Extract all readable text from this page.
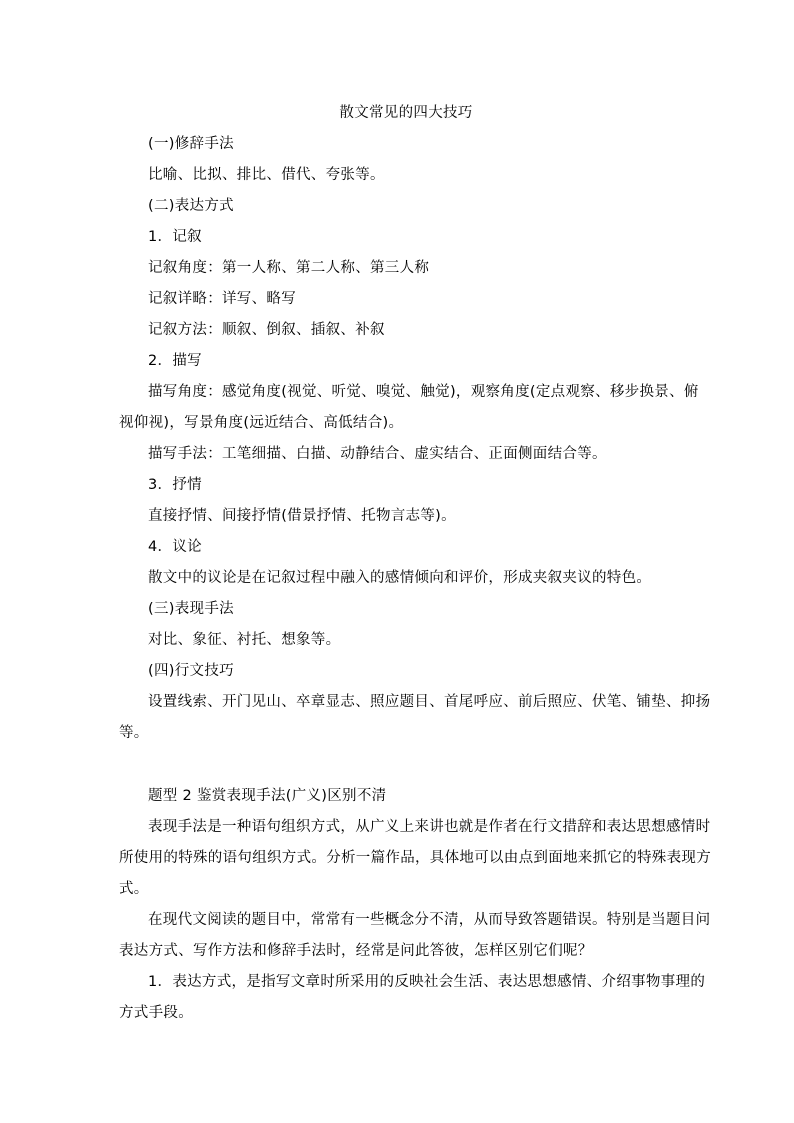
散文常见的四大技巧
(一)修辞手法
比喻、比拟、排比、借代、夸张等。
(二)表达方式
1．记叙
记叙角度：第一人称、第二人称、第三人称
记叙详略：详写、略写
记叙方法：顺叙、倒叙、插叙、补叙
2．描写
描写角度：感觉角度(视觉、听觉、嗅觉、触觉)，观察角度(定点观察、移步换景、俯
视仰视)，写景角度(远近结合、高低结合)。
描写手法：工笔细描、白描、动静结合、虚实结合、正面侧面结合等。
3．抒情
直接抒情、间接抒情(借景抒情、托物言志等)。
4．议论
散文中的议论是在记叙过程中融入的感情倾向和评价，形成夹叙夹议的特色。
(三)表现手法
对比、象征、衬托、想象等。
(四)行文技巧
设置线索、开门见山、卒章显志、照应题目、首尾呼应、前后照应、伏笔、铺垫、抑扬
等。
题型 2 鉴赏表现手法(广义)区别不清
表现手法是一种语句组织方式，从广义上来讲也就是作者在行文措辞和表达思想感情时
所使用的特殊的语句组织方式。分析一篇作品，具体地可以由点到面地来抓它的特殊表现方
式。
在现代文阅读的题目中，常常有一些概念分不清，从而导致答题错误。特别是当题目问
表达方式、写作方法和修辞手法时，经常是问此答彼，怎样区别它们呢？
1．表达方式，是指写文章时所采用的反映社会生活、表达思想感情、介绍事物事理的
方式手段。
